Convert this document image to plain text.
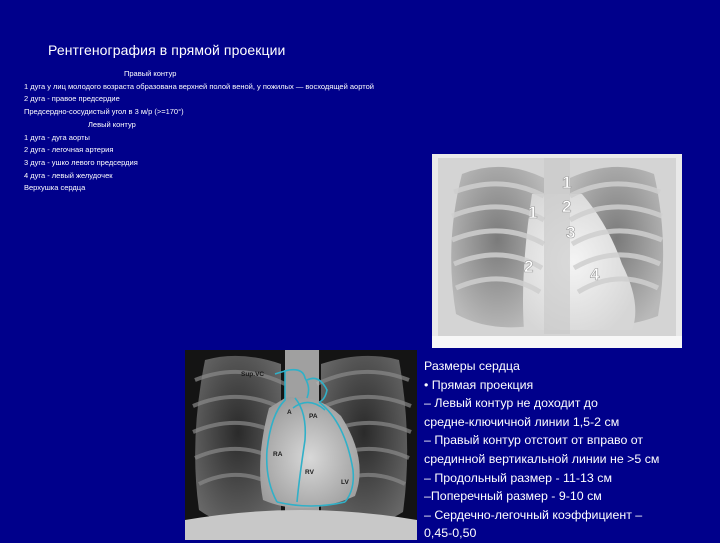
Рентгенография в прямой проекции
Правый контур
1 дуга у лиц молодого возраста образована верхней полой веной, у пожилых — восходящей аортой
2 дуга - правое предсердие
Предсердно-сосудистый угол в 3 м/р (>=170°)
Левый контур
1 дуга - дуга аорты
2 дуга - легочная артерия
3 дуга - ушко левого предсердия
4 дуга - левый желудочек
Верхушка сердца	1
1 2
2
3
4
Sup.VC
A
PA
RA
RV
LV
Размеры сердца
• Прямая проекция
– Левый контур не доходит до
средне-ключичной линии 1,5-2 см
– Правый контур отстоит от вправо от
срединной вертикальной линии не >5 см
– Продольный размер - 11-13 см
–Поперечный размер - 9-10 см
– Сердечно-легочный коэффициент –
0,45-0,50
